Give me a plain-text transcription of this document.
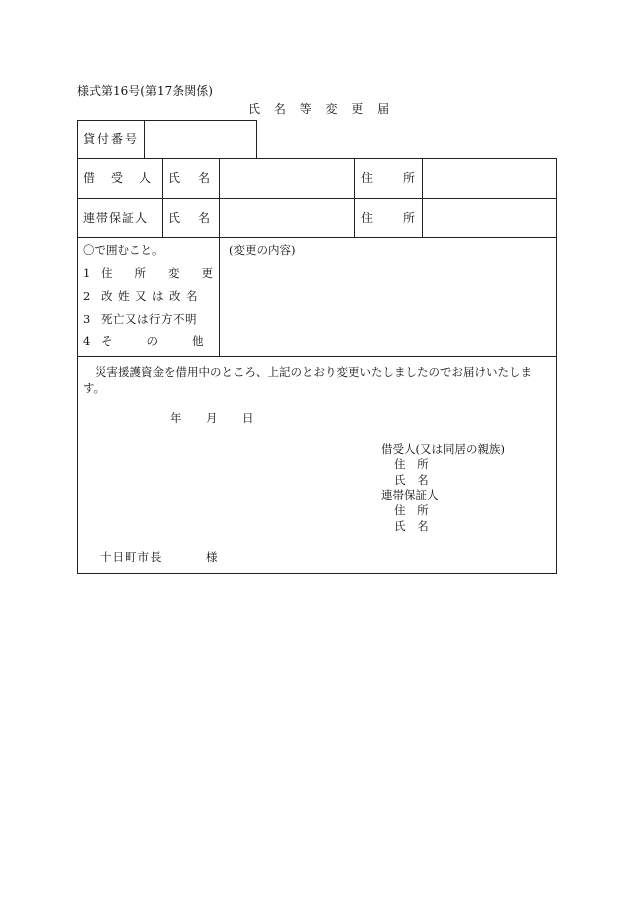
様式第16号(第17条関係)
氏 名 等 変 更 届
貸付番号
借受人 氏名	住所
連帯保証人 氏名	住所
〇で囲むこと。
1 住所変更
2 改姓又は改名
3 死亡又は行方不明
4 その他
(変更の内容)
災害援護資金を借用中のところ、上記のとおり変更いたしましたのでお届けいたしま
す。
年 月 日
借受人(又は同居の親族)
住 所
氏 名
連帯保証人
住 所
氏 名
十日町市長	様
